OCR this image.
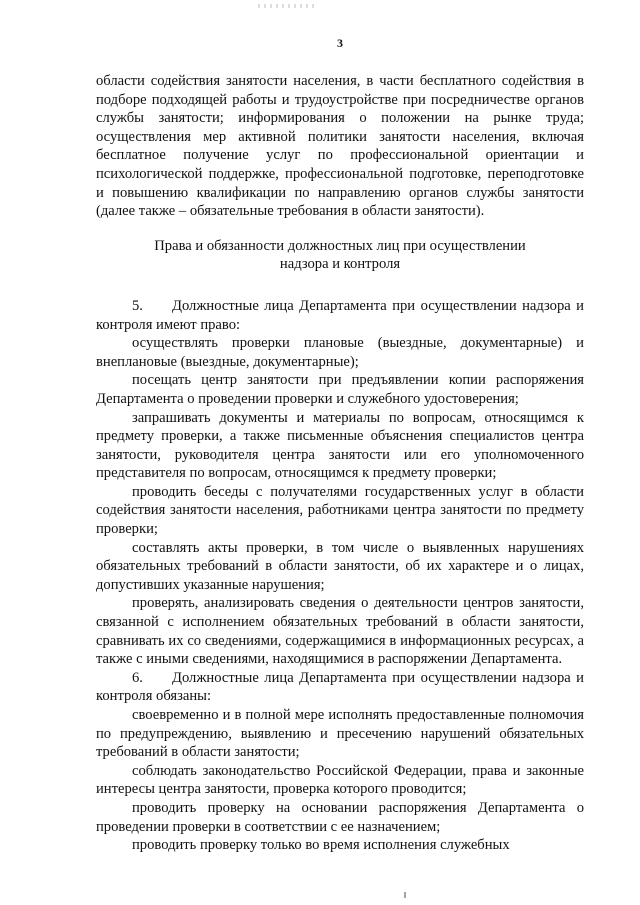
3

области содействия занятости населения, в части бесплатного содействия в подборе подходящей работы и трудоустройстве при посредничестве органов службы занятости; информирования о положении на рынке труда; осуществления мер активной политики занятости населения, включая бесплатное получение услуг по профессиональной ориентации и психологической поддержке, профессиональной подготовке, переподготовке и повышению квалификации по направлению органов службы занятости (далее также – обязательные требования в области занятости).

Права и обязанности должностных лиц при осуществлении
надзора и контроля

5. Должностные лица Департамента при осуществлении надзора и контроля имеют право:

осуществлять проверки плановые (выездные, документарные) и внеплановые (выездные, документарные);

посещать центр занятости при предъявлении копии распоряжения Департамента о проведении проверки и служебного удостоверения;

запрашивать документы и материалы по вопросам, относящимся к предмету проверки, а также письменные объяснения специалистов центра занятости, руководителя центра занятости или его уполномоченного представителя по вопросам, относящимся к предмету проверки;

проводить беседы с получателями государственных услуг в области содействия занятости населения, работниками центра занятости по предмету проверки;

составлять акты проверки, в том числе о выявленных нарушениях обязательных требований в области занятости, об их характере и о лицах, допустивших указанные нарушения;

проверять, анализировать сведения о деятельности центров занятости, связанной с исполнением обязательных требований в области занятости, сравнивать их со сведениями, содержащимися в информационных ресурсах, а также с иными сведениями, находящимися в распоряжении Департамента.

6. Должностные лица Департамента при осуществлении надзора и контроля обязаны:

своевременно и в полной мере исполнять предоставленные полномочия по предупреждению, выявлению и пресечению нарушений обязательных требований в области занятости;

соблюдать законодательство Российской Федерации, права и законные интересы центра занятости, проверка которого проводится;

проводить проверку на основании распоряжения Департамента о проведении проверки в соответствии с ее назначением;

проводить проверку только во время исполнения служебных
